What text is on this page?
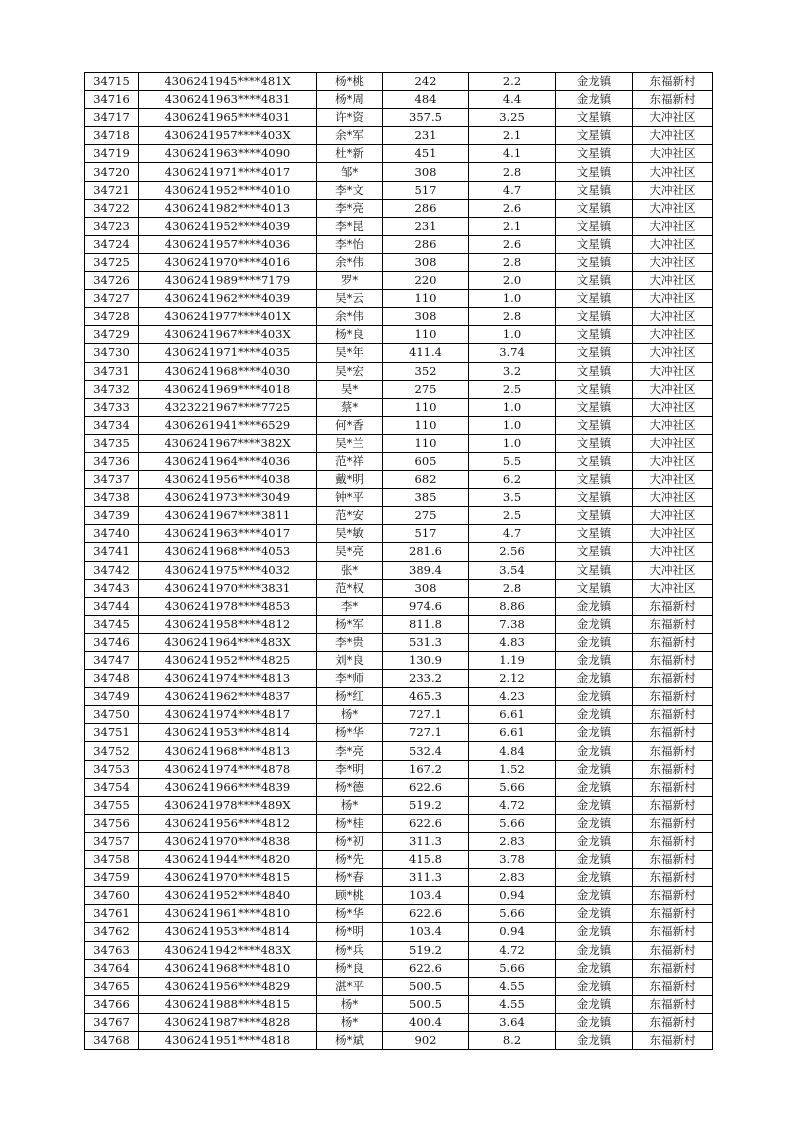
34715	4306241945****481X	杨*桃	242	2.2	金龙镇	东福新村
34716	4306241963****4831	杨*周	484	4.4	金龙镇	东福新村
34717	4306241965****4031	许*资	357.5	3.25	文星镇	大冲社区
34718	4306241957****403X	余*军	231	2.1	文星镇	大冲社区
34719	4306241963****4090	杜*新	451	4.1	文星镇	大冲社区
34720	4306241971****4017	邹*	308	2.8	文星镇	大冲社区
34721	4306241952****4010	李*文	517	4.7	文星镇	大冲社区
34722	4306241982****4013	李*亮	286	2.6	文星镇	大冲社区
34723	4306241952****4039	李*昆	231	2.1	文星镇	大冲社区
34724	4306241957****4036	李*怡	286	2.6	文星镇	大冲社区
34725	4306241970****4016	余*伟	308	2.8	文星镇	大冲社区
34726	4306241989****7179	罗*	220	2.0	文星镇	大冲社区
34727	4306241962****4039	吴*云	110	1.0	文星镇	大冲社区
34728	4306241977****401X	余*伟	308	2.8	文星镇	大冲社区
34729	4306241967****403X	杨*良	110	1.0	文星镇	大冲社区
34730	4306241971****4035	吴*年	411.4	3.74	文星镇	大冲社区
34731	4306241968****4030	吴*宏	352	3.2	文星镇	大冲社区
34732	4306241969****4018	吴*	275	2.5	文星镇	大冲社区
34733	4323221967****7725	蔡*	110	1.0	文星镇	大冲社区
34734	4306261941****6529	何*香	110	1.0	文星镇	大冲社区
34735	4306241967****382X	吴*兰	110	1.0	文星镇	大冲社区
34736	4306241964****4036	范*祥	605	5.5	文星镇	大冲社区
34737	4306241956****4038	戴*明	682	6.2	文星镇	大冲社区
34738	4306241973****3049	钟*平	385	3.5	文星镇	大冲社区
34739	4306241967****3811	范*安	275	2.5	文星镇	大冲社区
34740	4306241963****4017	吴*敏	517	4.7	文星镇	大冲社区
34741	4306241968****4053	吴*亮	281.6	2.56	文星镇	大冲社区
34742	4306241975****4032	张*	389.4	3.54	文星镇	大冲社区
34743	4306241970****3831	范*权	308	2.8	文星镇	大冲社区
34744	4306241978****4853	李*	974.6	8.86	金龙镇	东福新村
34745	4306241958****4812	杨*军	811.8	7.38	金龙镇	东福新村
34746	4306241964****483X	李*贵	531.3	4.83	金龙镇	东福新村
34747	4306241952****4825	刘*良	130.9	1.19	金龙镇	东福新村
34748	4306241974****4813	李*师	233.2	2.12	金龙镇	东福新村
34749	4306241962****4837	杨*红	465.3	4.23	金龙镇	东福新村
34750	4306241974****4817	杨*	727.1	6.61	金龙镇	东福新村
34751	4306241953****4814	杨*华	727.1	6.61	金龙镇	东福新村
34752	4306241968****4813	李*亮	532.4	4.84	金龙镇	东福新村
34753	4306241974****4878	李*明	167.2	1.52	金龙镇	东福新村
34754	4306241966****4839	杨*德	622.6	5.66	金龙镇	东福新村
34755	4306241978****489X	杨*	519.2	4.72	金龙镇	东福新村
34756	4306241956****4812	杨*桂	622.6	5.66	金龙镇	东福新村
34757	4306241970****4838	杨*初	311.3	2.83	金龙镇	东福新村
34758	4306241944****4820	杨*先	415.8	3.78	金龙镇	东福新村
34759	4306241970****4815	杨*春	311.3	2.83	金龙镇	东福新村
34760	4306241952****4840	顾*桃	103.4	0.94	金龙镇	东福新村
34761	4306241961****4810	杨*华	622.6	5.66	金龙镇	东福新村
34762	4306241953****4814	杨*明	103.4	0.94	金龙镇	东福新村
34763	4306241942****483X	杨*兵	519.2	4.72	金龙镇	东福新村
34764	4306241968****4810	杨*良	622.6	5.66	金龙镇	东福新村
34765	4306241956****4829	湛*平	500.5	4.55	金龙镇	东福新村
34766	4306241988****4815	杨*	500.5	4.55	金龙镇	东福新村
34767	4306241987****4828	杨*	400.4	3.64	金龙镇	东福新村
34768	4306241951****4818	杨*斌	902	8.2	金龙镇	东福新村
